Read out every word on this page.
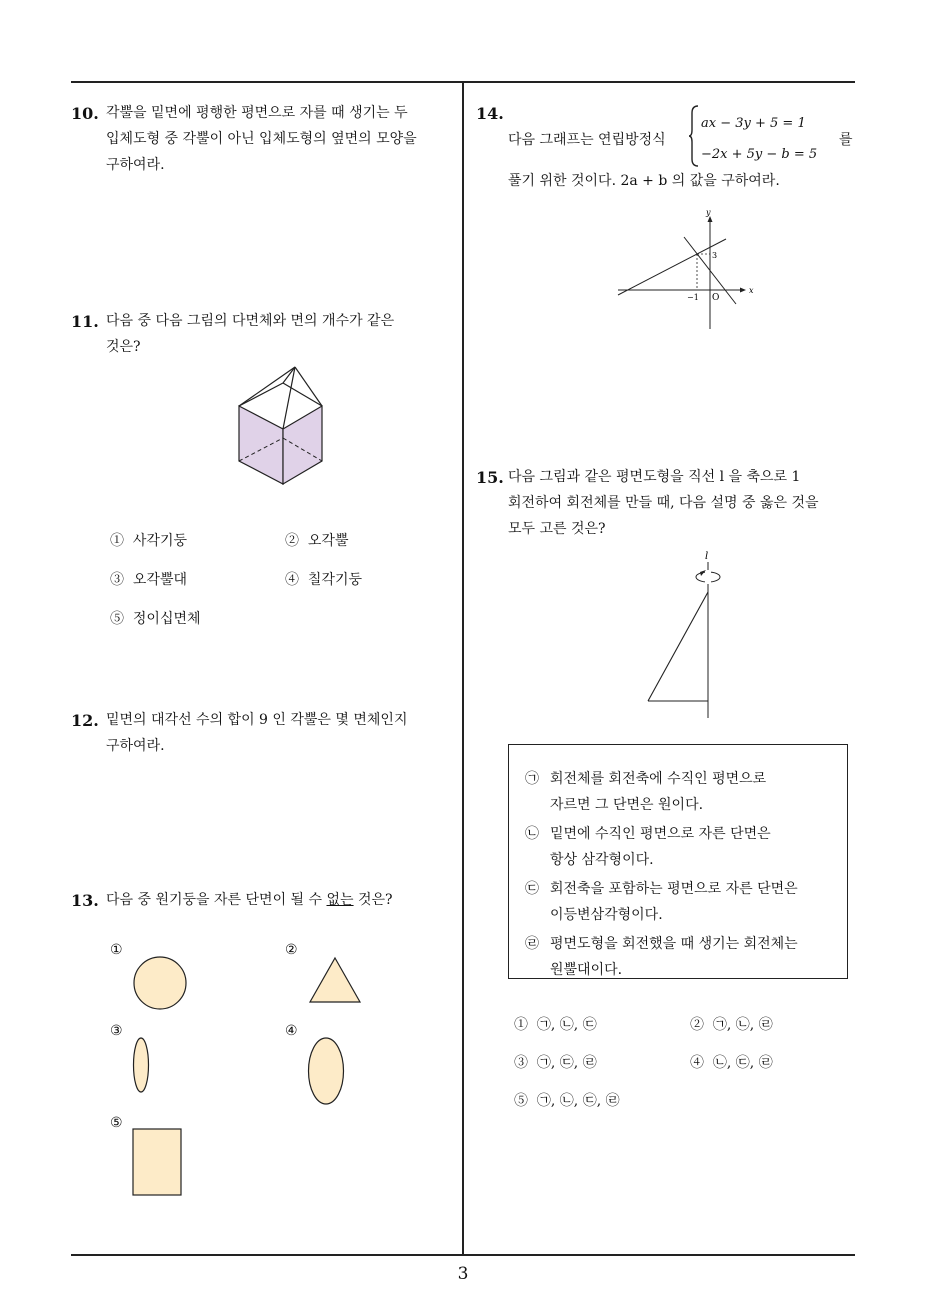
10. 각뿔을 밑면에 평행한 평면으로 자를 때 생기는 두
입체도형 중 각뿔이 아닌 입체도형의 옆면의 모양을
구하여라.
11. 다음 중 다음 그림의 다면체와 면의 개수가 같은
것은?
① 사각기둥	② 오각뿔
③ 오각뿔대	④ 칠각기둥
⑤ 정이십면체
12. 밑면의 대각선 수의 합이 9 인 각뿔은 몇 면체인지
구하여라.
13. 다음 중 원기둥을 자른 단면이 될 수 없는 것은?
①	②
③	④
⑤
14.
다음 그래프는 연립방정식
ax − 3y + 5 = 1
−2x + 5y − b = 5
를
풀기 위한 것이다. 2a + b 의 값을 구하여라.
x
y
O
−1
3
15. 다음 그림과 같은 평면도형을 직선 l 을 축으로 1
회전하여 회전체를 만들 때, 다음 설명 중 옳은 것을
모두 고른 것은?
l
㉠ 회전체를 회전축에 수직인 평면으로
자르면 그 단면은 원이다.
㉡ 밑면에 수직인 평면으로 자른 단면은
항상 삼각형이다.
㉢ 회전축을 포함하는 평면으로 자른 단면은
이등변삼각형이다.
㉣ 평면도형을 회전했을 때 생기는 회전체는
원뿔대이다.
① ㉠, ㉡, ㉢	② ㉠, ㉡, ㉣
③ ㉠, ㉢, ㉣	④ ㉡, ㉢, ㉣
⑤ ㉠, ㉡, ㉢, ㉣
3
